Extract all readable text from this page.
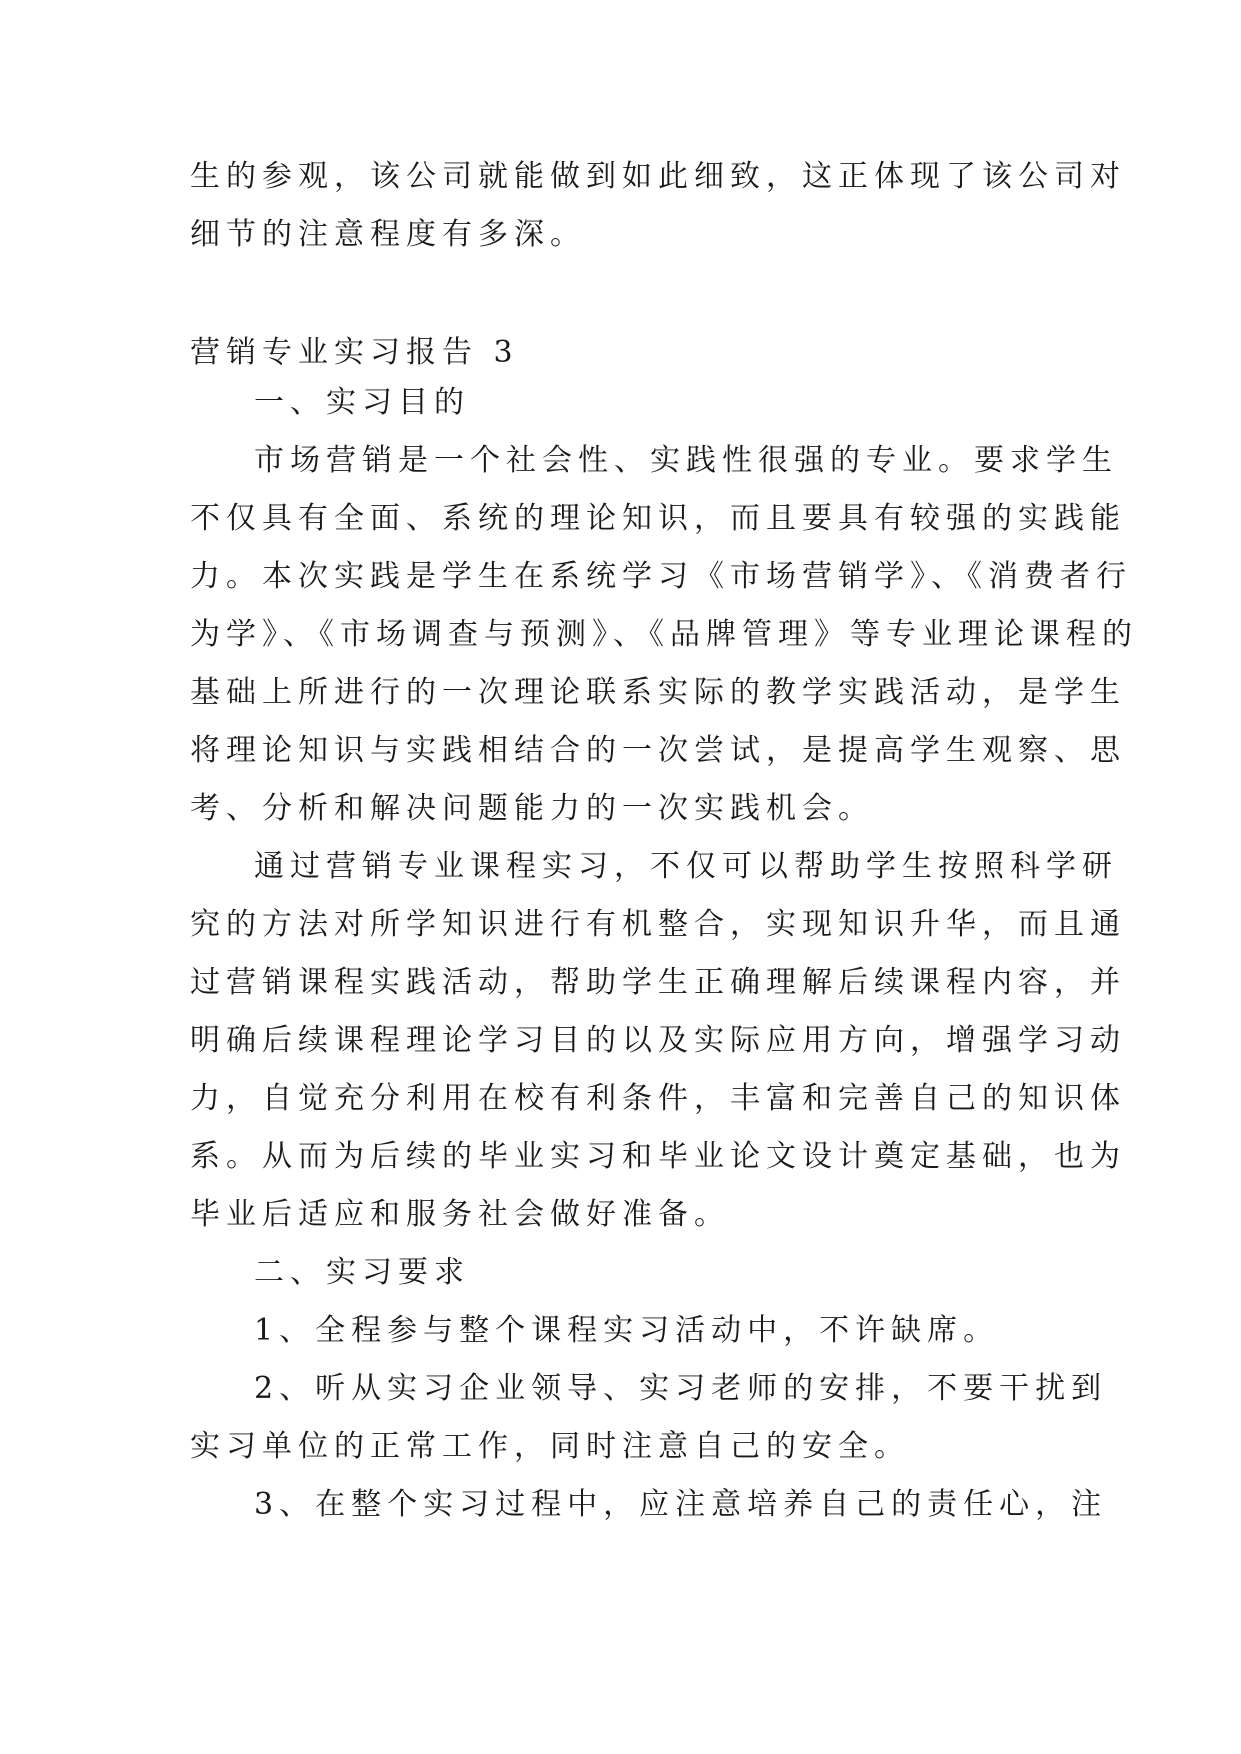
生的参观，该公司就能做到如此细致，这正体现了该公司对
细节的注意程度有多深。
营销专业实习报告 3
一、实习目的
市场营销是一个社会性、实践性很强的专业。要求学生
不仅具有全面、系统的理论知识，而且要具有较强的实践能
力。本次实践是学生在系统学习《市场营销学》、《消费者行
为学》、《市场调查与预测》、《品牌管理》等专业理论课程的
基础上所进行的一次理论联系实际的教学实践活动，是学生
将理论知识与实践相结合的一次尝试，是提高学生观察、思
考、分析和解决问题能力的一次实践机会。
通过营销专业课程实习，不仅可以帮助学生按照科学研
究的方法对所学知识进行有机整合，实现知识升华，而且通
过营销课程实践活动，帮助学生正确理解后续课程内容，并
明确后续课程理论学习目的以及实际应用方向，增强学习动
力，自觉充分利用在校有利条件，丰富和完善自己的知识体
系。从而为后续的毕业实习和毕业论文设计奠定基础，也为
毕业后适应和服务社会做好准备。
二、实习要求
1、全程参与整个课程实习活动中，不许缺席。
2、听从实习企业领导、实习老师的安排，不要干扰到
实习单位的正常工作，同时注意自己的安全。
3、在整个实习过程中，应注意培养自己的责任心，注
